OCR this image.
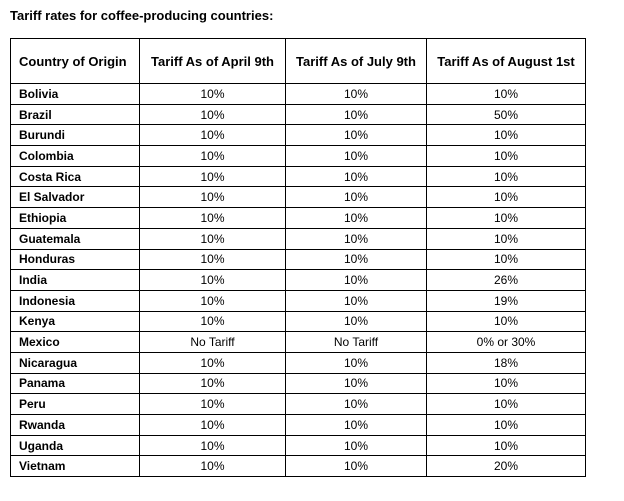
Tariff rates for coffee-producing countries:
Country of Origin	Tariff As of April 9th	Tariff As of July 9th	Tariff As of August 1st
Bolivia	10%	10%	10%
Brazil	10%	10%	50%
Burundi	10%	10%	10%
Colombia	10%	10%	10%
Costa Rica	10%	10%	10%
El Salvador	10%	10%	10%
Ethiopia	10%	10%	10%
Guatemala	10%	10%	10%
Honduras	10%	10%	10%
India	10%	10%	26%
Indonesia	10%	10%	19%
Kenya	10%	10%	10%
Mexico	No Tariff	No Tariff	0% or 30%
Nicaragua	10%	10%	18%
Panama	10%	10%	10%
Peru	10%	10%	10%
Rwanda	10%	10%	10%
Uganda	10%	10%	10%
Vietnam	10%	10%	20%
